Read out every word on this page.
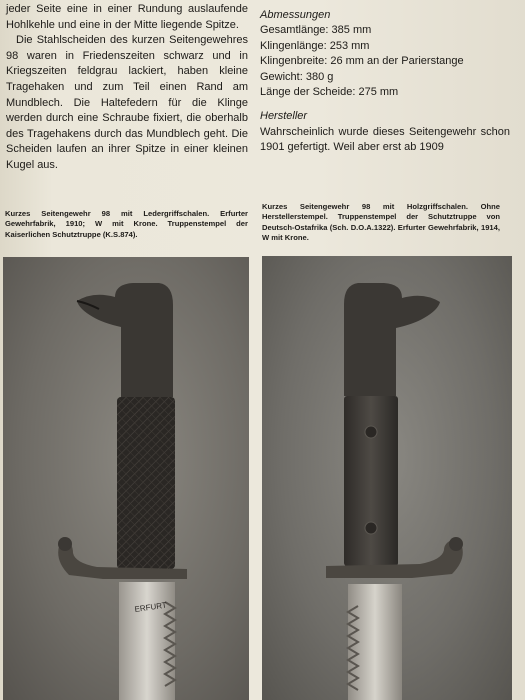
jeder Seite eine in einer Rundung auslaufende Hohlkehle und eine in der Mitte liegende Spitze.

Die Stahlscheiden des kurzen Seitengewehres 98 waren in Friedenszeiten schwarz und in Kriegszeiten feldgrau lackiert, haben kleine Tragehaken und zum Teil einen Rand am Mundblech. Die Haltefedern für die Klinge werden durch eine Schraube fixiert, die oberhalb des Tragehakens durch das Mundblech geht. Die Scheiden laufen an ihrer Spitze in einer kleinen Kugel aus.

Abmessungen
Gesamtlänge: 385 mm
Klingenlänge: 253 mm
Klingenbreite: 26 mm an der Parierstange
Gewicht: 380 g
Länge der Scheide: 275 mm
Hersteller
Wahrscheinlich wurde dieses Seitengewehr schon 1901 gefertigt. Weil aber erst ab 1909
Kurzes Seitengewehr 98 mit Ledergriffschalen. Erfurter Gewehrfabrik, 1910; W mit Krone. Truppenstempel der Kaiserlichen Schutztruppe (K.S.874).
Kurzes Seitengewehr 98 mit Holzgriffschalen. Ohne Herstellerstempel. Truppenstempel der Schutztruppe von Deutsch-Ostafrika (Sch. D.O.A.1322). Erfurter Gewehrfabrik, 1914, W mit Krone.
ERFURT
